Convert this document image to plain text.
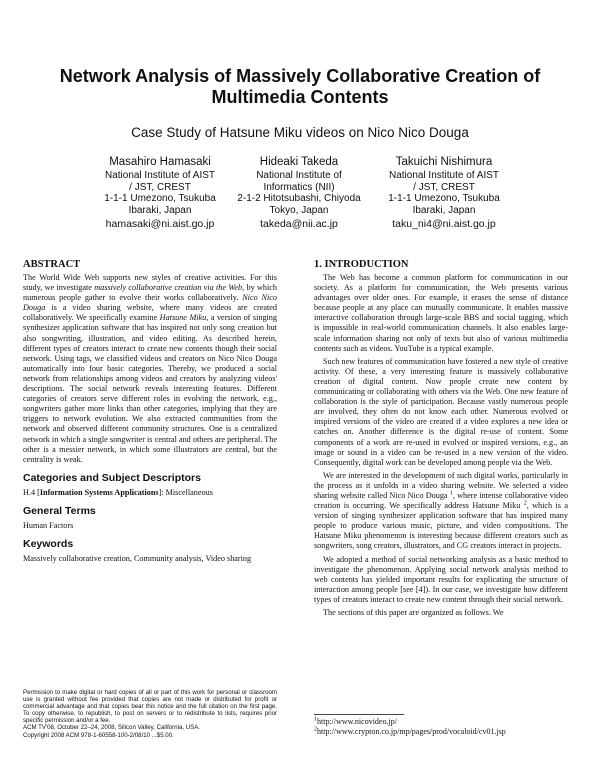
Network Analysis of Massively Collaborative Creation of Multimedia Contents
Case Study of Hatsune Miku videos on Nico Nico Douga
Masahiro Hamasaki
National Institute of AIST
/ JST, CREST
1-1-1 Umezono, Tsukuba
Ibaraki, Japan
hamasaki@ni.aist.go.jp
Hideaki Takeda
National Institute of
Informatics (NII)
2-1-2 Hitotsubashi, Chiyoda
Tokyo, Japan
takeda@nii.ac.jp
Takuichi Nishimura
National Institute of AIST
/ JST, CREST
1-1-1 Umezono, Tsukuba
Ibaraki, Japan
taku_ni4@ni.aist.go.jp
ABSTRACT

The World Wide Web supports new styles of creative activities. For this study, we investigate massively collaborative creation via the Web, by which numerous people gather to evolve their works collaboratively. Nico Nico Douga is a video sharing website, where many videos are created collaboratively. We specifically examine Hatsune Miku, a version of singing synthesizer application software that has inspired not only song creation but also songwriting, illustration, and video editing. As described herein, different types of creators interact to create new contents though their social network. Using tags, we classified videos and creators on Nico Nico Douga automatically into four basic categories. Thereby, we produced a social network from relationships among videos and creators by analyzing videos' descriptions. The social network reveals interesting features. Different categories of creators serve different roles in evolving the network, e.g., songwriters gather more links than other categories, implying that they are triggers to network evolution. We also extracted communities from the network and observed different community structures. One is a centralized network in which a single songwriter is central and others are peripheral. The other is a messier network, in which some illustrators are central, but the centrality is weak.

Categories and Subject Descriptors

H.4 [Information Systems Applications]: Miscellaneous

General Terms

Human Factors

Keywords

Massively collaborative creation, Community analysis, Video sharing

Permission to make digital or hard copies of all or part of this work for personal or classroom use is granted without fee provided that copies are not made or distributed for profit or commercial advantage and that copies bear this notice and the full citation on the first page. To copy otherwise, to republish, to post on servers or to redistribute to lists, requires prior specific permission and/or a fee.

ACM TV'08, October 22–24, 2008, Silicon Valley, California, USA.

Copyright 2008 ACM 978-1-60558-100-2/08/10 ...$5.00.

1. INTRODUCTION

The Web has become a common platform for communication in our society. As a platform for communication, the Web presents various advantages over older ones. For example, it erases the sense of distance because people at any place can mutually communicate. It enables massive interactive collaboration through large-scale BBS and social tagging, which is impossible in real-world communication channels. It also enables large-scale information sharing not only of texts but also of various multimedia contents such as videos. YouTube is a typical example.

Such new features of communication have fostered a new style of creative activity. Of these, a very interesting feature is massively collaborative creation of digital content. Now people create new content by communicating or collaborating with others via the Web. One new feature of collaboration is the style of participation. Because vastly numerous people are involved, they often do not know each other. Numerous evolved or inspired versions of the video are created if a video explores a new idea or catches on. Another difference is the digital re-use of content. Some components of a work are re-used in evolved or inspired versions, e.g., an image or sound in a video can be re-used in a new version of the video. Consequently, digital work can be developed among people via the Web.

We are interested in the development of such digital works, particularly in the process as it unfolds in a video sharing website. We selected a video sharing website called Nico Nico Douga $^1$, where intense collaborative video creation is occurring. We specifically address Hatsune Miku $^2$, which is a version of singing synthesizer application software that has inspired many people to produce various music, picture, and video compositions. The Hatsune Miku phenomenon is interesting because different creators such as songwriters, song creators, illustrators, and CG creators interact in projects.

We adopted a method of social networking analysis as a basic method to investigate the phenomenon. Applying social network analysis method to web contents has yielded important results for explicating the structure of interaction among people [see [4]). In our case, we investigate how different types of creators interact to create new content through their social network.

The sections of this paper are organized as follows. We

$^1$http://www.nicovideo.jp/
$^2$http://www.crypton.co.jp/mp/pages/prod/vocaloid/cv01.jsp
